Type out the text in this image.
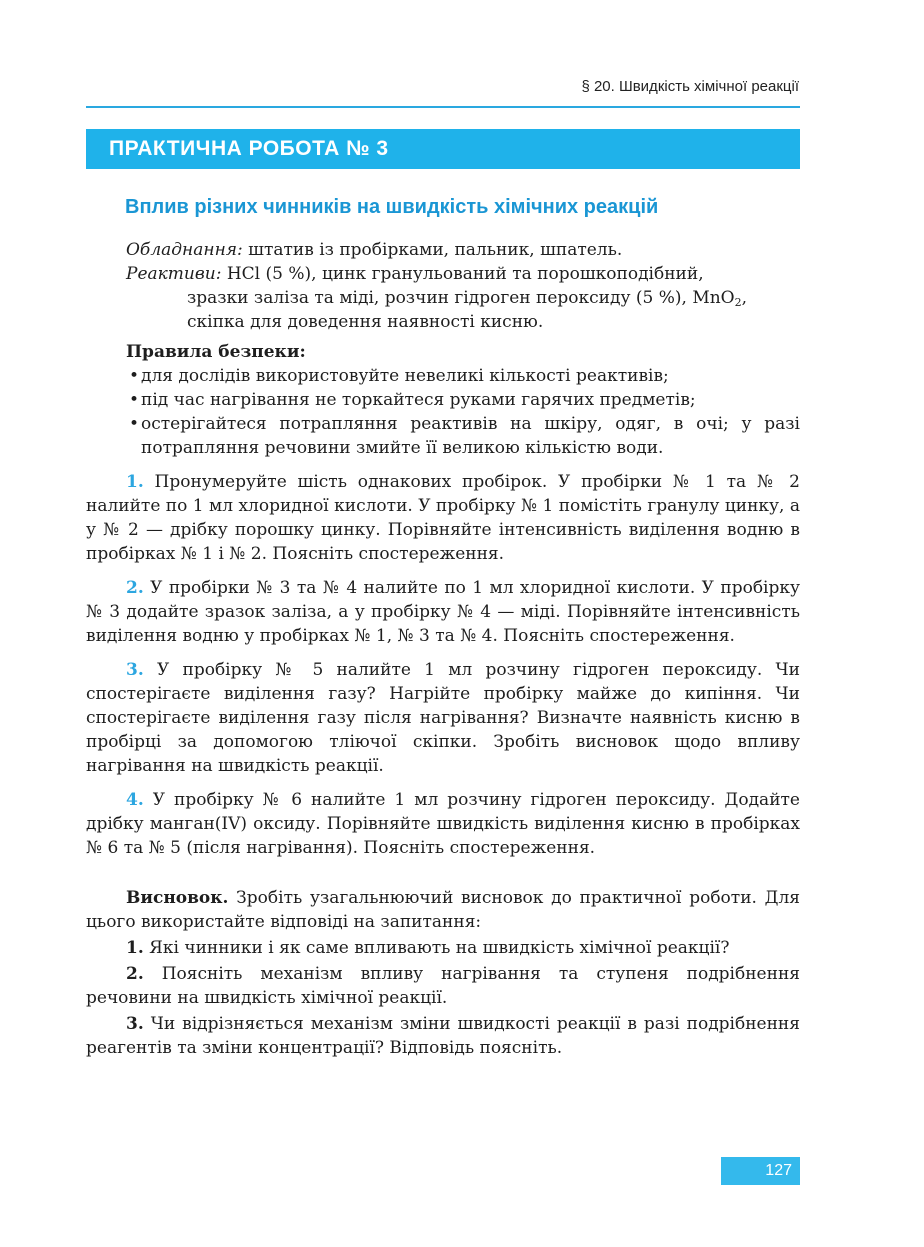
§ 20. Швидкість хімічної реакції
ПРАКТИЧНА РОБОТА № 3
Вплив різних чинників на швидкість хімічних реакцій

Обладнання: штатив із пробірками, пальник, шпатель.

Реактиви: HCl (5 %), цинк гранульований та порошкоподібний,

зразки заліза та міді, розчин гідроген пероксиду (5 %), MnO$_2$,

скіпка для доведення наявності кисню.

Правила безпеки:

• для дослідів використовуйте невеликі кількості реактивів;
• під час нагрівання не торкайтеся руками гарячих предметів;
• остерігайтеся потрапляння реактивів на шкіру, одяг, в очі; у разі потрапляння речовини змийте її великою кількістю води.

1. Пронумеруйте шість однакових пробірок. У пробірки № 1 та № 2 налийте по 1 мл хлоридної кислоти. У пробірку № 1 помістіть гранулу цинку, а у № 2 — дрібку порошку цинку. Порівняйте інтенсивність виділення водню в пробірках № 1 і № 2. Поясніть спостереження.

2. У пробірки № 3 та № 4 налийте по 1 мл хлоридної кислоти. У пробірку № 3 додайте зразок заліза, а у пробірку № 4 — міді. Порівняйте інтенсивність виділення водню у пробірках № 1, № 3 та № 4. Поясніть спостереження.

3. У пробірку № 5 налийте 1 мл розчину гідроген пероксиду. Чи спостерігаєте виділення газу? Нагрійте пробірку майже до кипіння. Чи спостерігаєте виділення газу після нагрівання? Визначте наявність кисню в пробірці за допомогою тліючої скіпки. Зробіть висновок щодо впливу нагрівання на швидкість реакції.

4. У пробірку № 6 налийте 1 мл розчину гідроген пероксиду. Додайте дрібку манган(IV) оксиду. Порівняйте швидкість виділення кисню в пробірках № 6 та № 5 (після нагрівання). Поясніть спостереження.

Висновок. Зробіть узагальнюючий висновок до практичної роботи. Для цього використайте відповіді на запитання:

1. Які чинники і як саме впливають на швидкість хімічної реакції?

2. Поясніть механізм впливу нагрівання та ступеня подрібнення речовини на швидкість хімічної реакції.

3. Чи відрізняється механізм зміни швидкості реакції в разі подрібнення реагентів та зміни концентрації? Відповідь поясніть.

127
